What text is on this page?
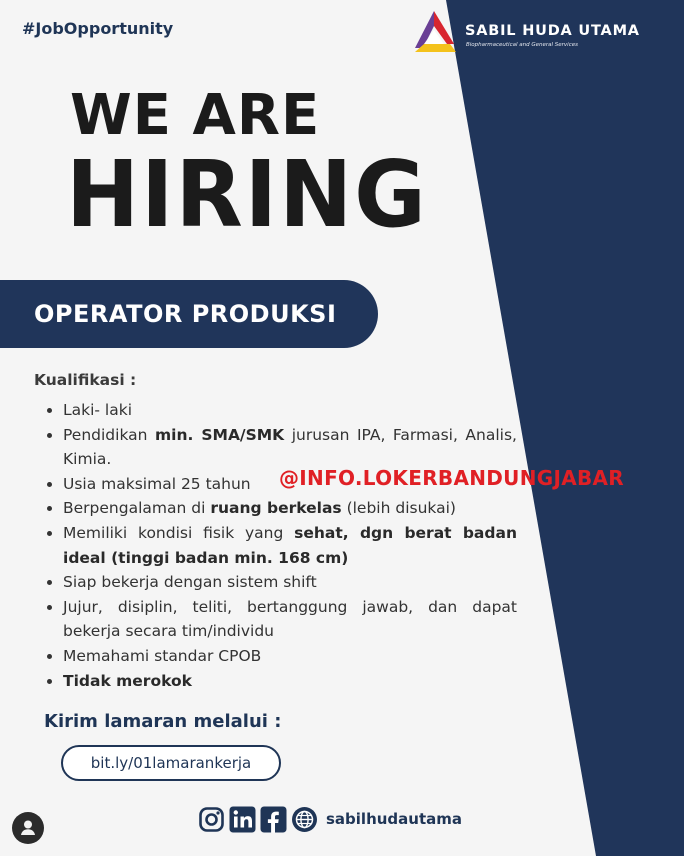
#JobOpportunity	SABIL HUDA UTAMA
Biopharmaceutical and General Services
WE ARE
HIRING
OPERATOR PRODUKSI
Kualifikasi :
Laki- laki
Pendidikan min. SMA/SMK jurusan IPA, Farmasi, Analis, Kimia.
Usia maksimal 25 tahun
Berpengalaman di ruang berkelas (lebih disukai)
Memiliki kondisi fisik yang sehat, dgn berat badan ideal (tinggi badan min. 168 cm)
Siap bekerja dengan sistem shift
Jujur, disiplin, teliti, bertanggung jawab, dan dapat bekerja secara tim/individu
Memahami standar CPOB
Tidak merokok
@INFO.LOKERBANDUNGJABAR
Kirim lamaran melalui :
bit.ly/01lamarankerja
sabilhudautama
